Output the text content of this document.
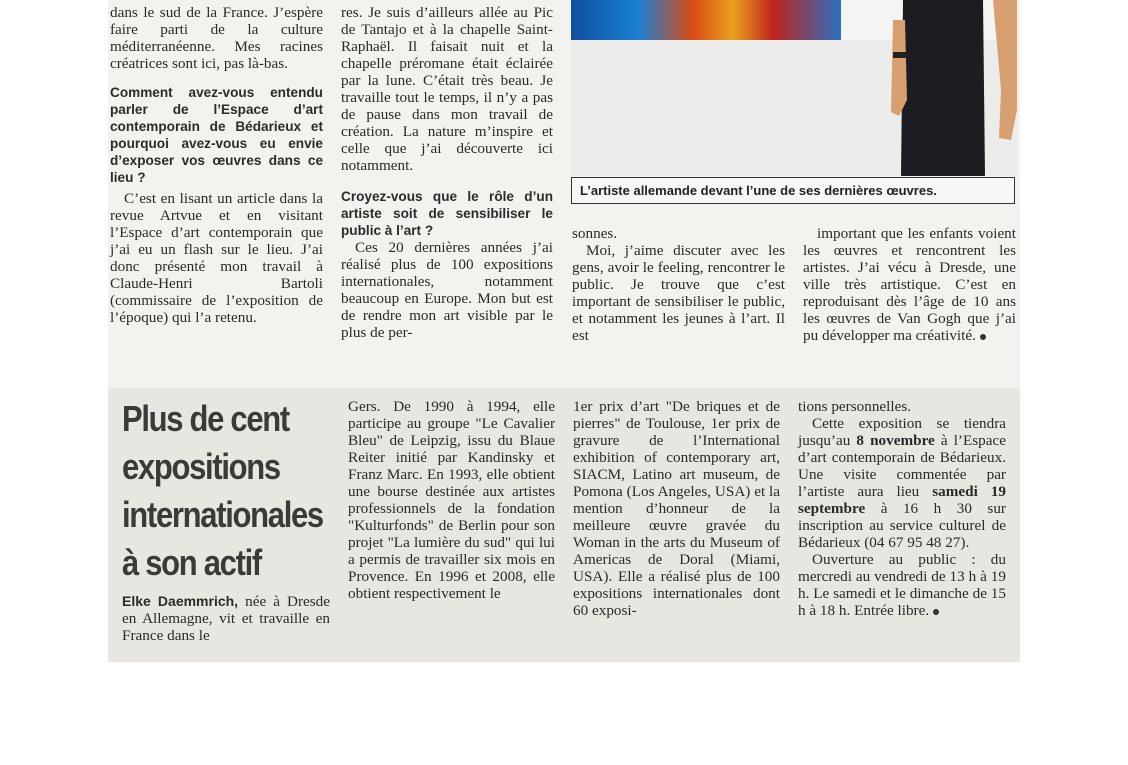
dans le sud de la France. J’espère faire parti de la culture méditerranéenne. Mes racines créatrices sont ici, pas là-bas.

Comment avez-vous entendu parler de l’Espace d’art contemporain de Bédarieux et pourquoi avez-vous eu envie d’exposer vos œuvres dans ce lieu ?

C’est en lisant un article dans la revue Artvue et en visitant l’Espace d’art contemporain que j’ai eu un flash sur le lieu. J’ai donc présenté mon travail à Claude-Henri Bartoli (commissaire de l’exposition de l’époque) qui l’a retenu.

res. Je suis d’ailleurs allée au Pic de Tantajo et à la chapelle Saint-Raphaël. Il faisait nuit et la chapelle préromane était éclairée par la lune. C’était très beau. Je travaille tout le temps, il n’y a pas de pause dans mon travail de création. La nature m’inspire et celle que j’ai découverte ici notamment.

Croyez-vous que le rôle d’un artiste soit de sensibiliser le public à l’art ?

Ces 20 dernières années j’ai réalisé plus de 100 expositions internationales, notamment beaucoup en Europe. Mon but est de rendre mon art visible par le plus de per-

L’artiste allemande devant l’une de ses dernières œuvres.

sonnes.

Moi, j’aime discuter avec les gens, avoir le feeling, rencontrer le public. Je trouve que c’est important de sensibiliser le public, et notamment les jeunes à l’art. Il est

important que les enfants voient les œuvres et rencontrent les artistes. J’ai vécu à Dresde, une ville très artistique. C’est en reproduisant dès l’âge de 10 ans les œuvres de Van Gogh que j’ai pu développer ma créativité.

Plus de cent expositions internationales à son actif

Elke Daemmrich, née à Dresde en Allemagne, vit et travaille en France dans le

Gers. De 1990 à 1994, elle participe au groupe "Le Cavalier Bleu" de Leipzig, issu du Blaue Reiter initié par Kandinsky et Franz Marc. En 1993, elle obtient une bourse destinée aux artistes professionnels de la fondation "Kulturfonds" de Berlin pour son projet "La lumière du sud" qui lui a permis de travailler six mois en Provence. En 1996 et 2008, elle obtient respectivement le

1er prix d’art "De briques et de pierres" de Toulouse, 1er prix de gravure de l’International exhibition of contemporary art, SIACM, Latino art museum, de Pomona (Los Angeles, USA) et la mention d’honneur de la meilleure œuvre gravée du Woman in the arts du Museum of Americas de Doral (Miami, USA). Elle a réalisé plus de 100 expositions internationales dont 60 exposi-

tions personnelles.

Cette exposition se tiendra jusqu’au 8 novembre à l’Espace d’art contemporain de Bédarieux. Une visite commentée par l’artiste aura lieu samedi 19 septembre à 16 h 30 sur inscription au service culturel de Bédarieux (04 67 95 48 27).

Ouverture au public : du mercredi au vendredi de 13 h à 19 h. Le samedi et le dimanche de 15 h à 18 h. Entrée libre.
